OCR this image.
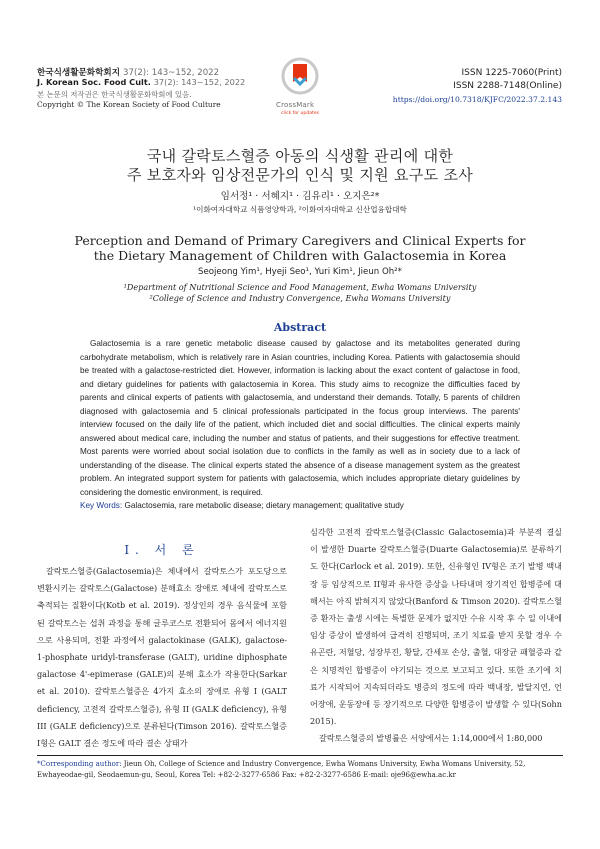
한국식생활문화학회지 37(2): 143~152, 2022
J. Korean Soc. Food Cult. 37(2): 143~152, 2022
본 논문의 저작권은 한국식생활문화학회에 있음.
Copyright © The Korean Society of Food Culture	CrossMark
click for updates
ISSN 1225-7060(Print)
ISSN 2288-7148(Online)
https://doi.org/10.7318/KJFC/2022.37.2.143
국내 갈락토스혈증 아동의 식생활 관리에 대한
주 보호자와 임상전문가의 인식 및 지원 요구도 조사
임서정¹ · 서혜지¹ · 김유리¹ · 오지은²*
¹이화여자대학교 식품영양학과, ²이화여자대학교 신산업융합대학
Perception and Demand of Primary Caregivers and Clinical Experts for
the Dietary Management of Children with Galactosemia in Korea
Seojeong Yim¹, Hyeji Seo¹, Yuri Kim¹, Jieun Oh²*
¹Department of Nutritional Science and Food Management, Ewha Womans University
²College of Science and Industry Convergence, Ewha Womans University
Abstract
Galactosemia is a rare genetic metabolic disease caused by galactose and its metabolites generated during carbohydrate metabolism, which is relatively rare in Asian countries, including Korea. Patients with galactosemia should be treated with a galactose-restricted diet. However, information is lacking about the exact content of galactose in food, and dietary guidelines for patients with galactosemia in Korea. This study aims to recognize the difficulties faced by parents and clinical experts of patients with galactosemia, and understand their demands. Totally, 5 parents of children diagnosed with galactosemia and 5 clinical professionals participated in the focus group interviews. The parents' interview focused on the daily life of the patient, which included diet and social difficulties. The clinical experts mainly answered about medical care, including the number and status of patients, and their suggestions for effective treatment. Most parents were worried about social isolation due to conflicts in the family as well as in society due to a lack of understanding of the disease. The clinical experts stated the absence of a disease management system as the greatest problem. An integrated support system for patients with galactosemia, which includes appropriate dietary guidelines by considering the domestic environment, is required.
Key Words: Galactosemia, rare metabolic disease; dietary management; qualitative study
Ⅰ. 서 론
갈락토스혈증(Galactosemia)은 체내에서 갈락토스가 포도당으로 변환시키는 갈락토스(Galactose) 분해효소 장애로 체내에 갈락토스로 축적되는 질환이다(Kotb et al. 2019). 정상인의 경우 음식물에 포함된 갈락토스는 섭취 과정을 통해 글루코스로 전환되어 몸에서 에너지원으로 사용되며, 전환 과정에서 galactokinase (GALK), galactose-1-phosphate uridyl-transferase (GALT), uridine diphosphate galactose 4'-epimerase (GALE)의 분해 효소가 작용한다(Sarkar et al. 2010). 갈락토스혈증은 4가지 효소의 장애로 유형 I (GALT deficiency, 고전적 갈락토스혈증), 유형 II (GALK deficiency), 유형 III (GALE deficiency)으로 분류된다(Timson 2016). 갈락토스혈증 I형은 GALT 결손 정도에 따라 결손 상태가
심각한 고전적 갈락토스혈증(Classic Galactosemia)과 부분적 결실이 발생한 Duarte 갈락토스혈증(Duarte Galactosemia)로 분류하기도 한다(Carlock et al. 2019). 또한, 신유형인 IV형은 조기 발병 백내장 등 임상적으로 II형과 유사한 증상을 나타내며 장기적인 합병증에 대해서는 아직 밝혀지지 않았다(Banford & Timson 2020). 갈락토스혈증 환자는 출생 시에는 특별한 문제가 없지만 수유 시작 후 수 일 이내에 임상 증상이 발생하여 급격히 진행되며, 조기 치료를 받지 못할 경우 수유곤란, 저혈당, 성장부진, 황달, 간세포 손상, 출혈, 대장균 패혈증과 같은 치명적인 합병증이 야기되는 것으로 보고되고 있다. 또한 조기에 치료가 시작되어 지속되더라도 병증의 정도에 따라 백내장, 발달지연, 언어장애, 운동장애 등 장기적으로 다양한 합병증이 발생할 수 있다(Sohn 2015).
갈락토스혈증의 발병률은 서양에서는 1:14,000에서 1:80,000
*Corresponding author: Jieun Oh, College of Science and Industry Convergence, Ewha Womans University, Ewha Womans University, 52, Ewhayeodae-gil, Seodaemun-gu, Seoul, Korea Tel: +82-2-3277-6586 Fax: +82-2-3277-6586 E-mail: oje96@ewha.ac.kr
